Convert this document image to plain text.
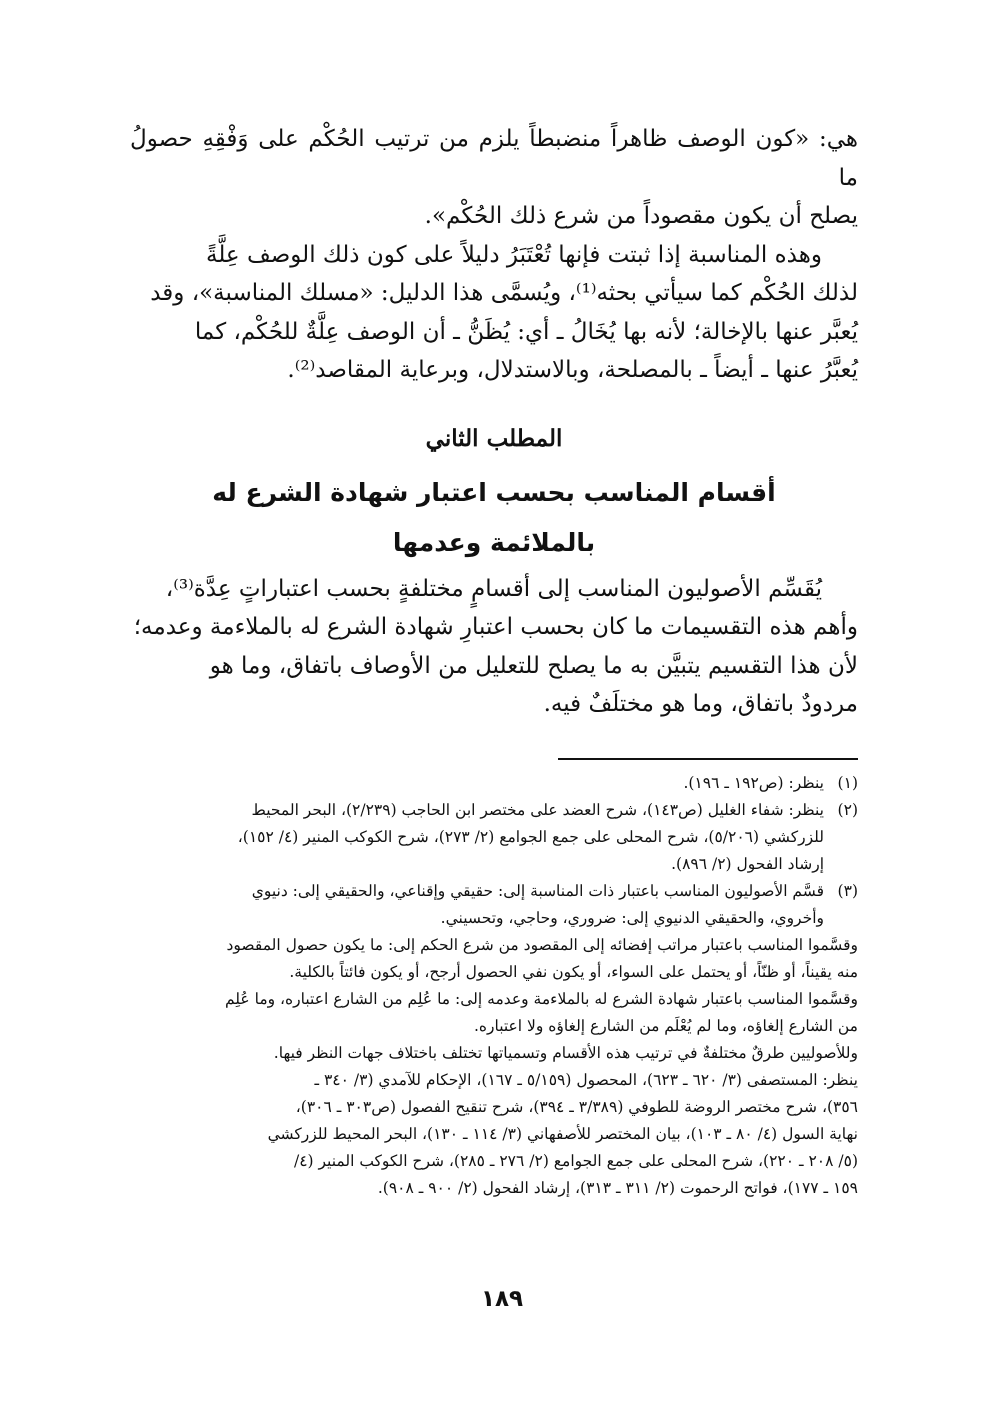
هي: «كون الوصف ظاهراً منضبطاً يلزم من ترتيب الحُكْم على وَفْقِهِ حصولُ ما
يصلح أن يكون مقصوداً من شرع ذلك الحُكْم».
وهذه المناسبة إذا ثبتت فإنها تُعْتَبَرُ دليلاً على كون ذلك الوصف عِلَّةً
لذلك الحُكْم كما سيأتي بحثه⁽¹⁾، ويُسمَّى هذا الدليل: «مسلك المناسبة»، وقد
يُعبَّر عنها بالإخالة؛ لأنه بها يُخَالُ ـ أي: يُظَنُّ ـ أن الوصف عِلَّةٌ للحُكْم، كما
يُعبَّرُ عنها ـ أيضاً ـ بالمصلحة، وبالاستدلال، وبرعاية المقاصد⁽²⁾.
المطلب الثاني
أقسام المناسب بحسب اعتبار شهادة الشرع له
بالملائمة وعدمها
يُقَسِّم الأصوليون المناسب إلى أقسامٍ مختلفةٍ بحسب اعتباراتٍ عِدَّة⁽³⁾،
وأهم هذه التقسيمات ما كان بحسب اعتبارِ شهادة الشرع له بالملاءمة وعدمه؛
لأن هذا التقسيم يتبيَّن به ما يصلح للتعليل من الأوصاف باتفاق، وما هو
مردودٌ باتفاق، وما هو مختلَفٌ فيه.
(١)
ينظر: (ص١٩٢ ـ ١٩٦).
(٢)
ينظر: شفاء الغليل (ص١٤٣)، شرح العضد على مختصر ابن الحاجب (٢/٢٣٩)، البحر المحيط
للزركشي (٥/٢٠٦)، شرح المحلى على جمع الجوامع (٢/ ٢٧٣)، شرح الكوكب المنير (٤/ ١٥٢)،
إرشاد الفحول (٢/ ٨٩٦).
(٣)
قسَّم الأصوليون المناسب باعتبار ذات المناسبة إلى: حقيقي وإقناعي، والحقيقي إلى: دنيوي
وأخروي، والحقيقي الدنيوي إلى: ضروري، وحاجي، وتحسيني.
وقسَّموا المناسب باعتبار مراتب إفضائه إلى المقصود من شرع الحكم إلى: ما يكون حصول المقصود
منه يقيناً، أو ظنّاً، أو يحتمل على السواء، أو يكون نفي الحصول أرجح، أو يكون فائتاً بالكلية.
وقسَّموا المناسب باعتبار شهادة الشرع له بالملاءمة وعدمه إلى: ما عُلِم من الشارع اعتباره، وما عُلِم
من الشارع إلغاؤه، وما لم يُعْلَم من الشارع إلغاؤه ولا اعتباره.
وللأصوليين طرقٌ مختلفةٌ في ترتيب هذه الأقسام وتسمياتها تختلف باختلاف جهات النظر فيها.
ينظر: المستصفى (٣/ ٦٢٠ ـ ٦٢٣)، المحصول (٥/١٥٩ ـ ١٦٧)، الإحكام للآمدي (٣/ ٣٤٠ ـ
٣٥٦)، شرح مختصر الروضة للطوفي (٣/٣٨٩ ـ ٣٩٤)، شرح تنقيح الفصول (ص٣٠٣ ـ ٣٠٦)،
نهاية السول (٤/ ٨٠ ـ ١٠٣)، بيان المختصر للأصفهاني (٣/ ١١٤ ـ ١٣٠)، البحر المحيط للزركشي
(٥/ ٢٠٨ ـ ٢٢٠)، شرح المحلى على جمع الجوامع (٢/ ٢٧٦ ـ ٢٨٥)، شرح الكوكب المنير (٤/
١٥٩ ـ ١٧٧)، فواتح الرحموت (٢/ ٣١١ ـ ٣١٣)، إرشاد الفحول (٢/ ٩٠٠ ـ ٩٠٨).
١٨٩
